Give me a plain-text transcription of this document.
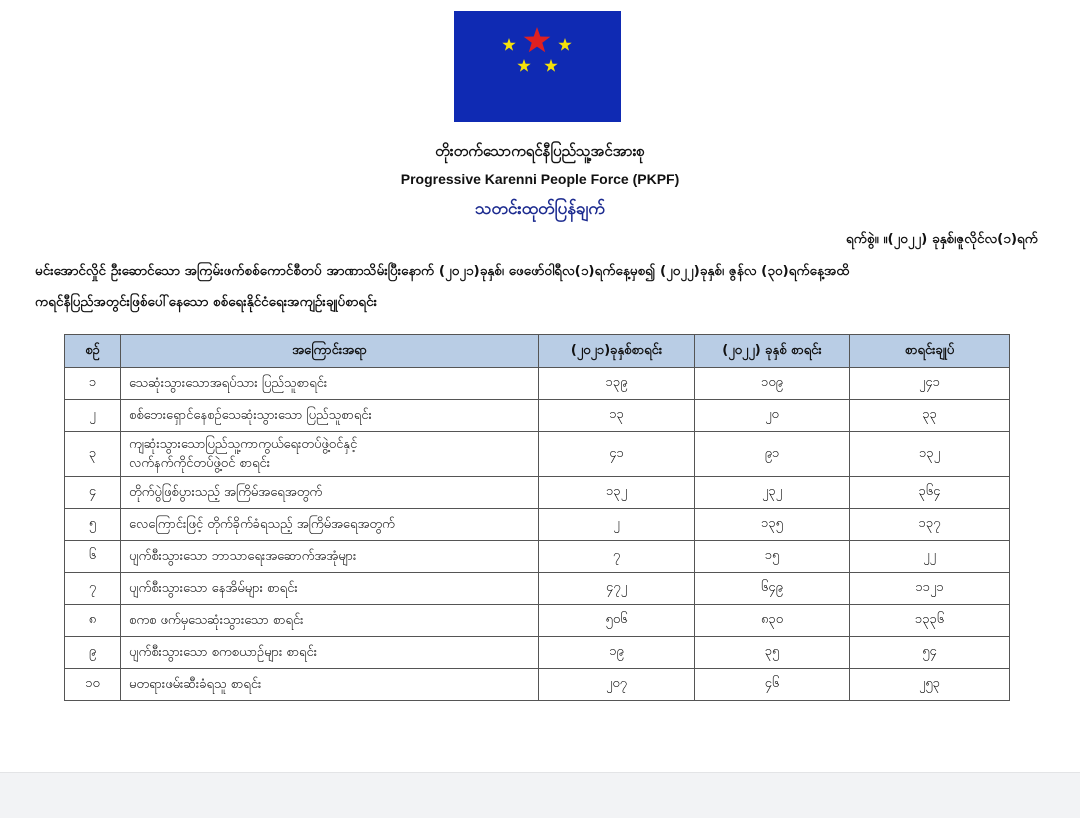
တိုးတက်သောကရင်နီပြည်သူ့အင်အားစု
Progressive Karenni People Force (PKPF)
သတင်းထုတ်ပြန်ချက်
ရက်စွဲ။ ။(၂၀၂၂) ခုနှစ်၊ဇူလိုင်လ(၁)ရက်
မင်းအောင်လှိုင် ဦးဆောင်သော အကြမ်းဖက်စစ်ကောင်စီတပ် အာဏာသိမ်းပြီးနောက် (၂၀၂၁)ခုနှစ်၊ ဖေဖော်ဝါရီလ(၁)ရက်နေ့မှစ၍ (၂၀၂၂)ခုနှစ်၊ ဇွန်လ (၃၀)ရက်နေ့အထိ
ကရင်နီပြည်အတွင်းဖြစ်ပေါ်နေသော စစ်ရေးနိုင်ငံရေးအကျဉ်းချုပ်စာရင်း
စဉ်	အကြောင်းအရာ	(၂၀၂၁)ခုနှစ်စာရင်း	(၂၀၂၂) ခုနှစ် စာရင်း	စာရင်းချုပ်
၁	သေဆုံးသွားသောအရပ်သား ပြည်သူစာရင်း	၁၃၉	၁၀၉	၂၄၁
၂	စစ်ဘေးရှောင်နေစဉ်သေဆုံးသွားသော ပြည်သူစာရင်း	၁၃	၂၀	၃၃
၃	ကျဆုံးသွားသောပြည်သူ့ကာကွယ်ရေးတပ်ဖွဲ့ဝင်နှင့်
လက်နက်ကိုင်တပ်ဖွဲ့ဝင် စာရင်း	၄၁	၉၁	၁၃၂
၄	တိုက်ပွဲဖြစ်ပွားသည့် အကြိမ်အရေအတွက်	၁၃၂	၂၃၂	၃၆၄
၅	လေကြောင်းဖြင့် တိုက်ခိုက်ခံရသည့် အကြိမ်အရေအတွက်	၂	၁၃၅	၁၃၇
၆	ပျက်စီးသွားသော ဘာသာရေးအဆောက်အအုံများ	၇	၁၅	၂၂
၇	ပျက်စီးသွားသော နေအိမ်များ စာရင်း	၄၇၂	၆၄၉	၁၁၂၁
၈	စကစ ဖက်မှသေဆုံးသွားသော စာရင်း	၅၀၆	၈၃၀	၁၃၃၆
၉	ပျက်စီးသွားသော စကစယာဉ်များ စာရင်း	၁၉	၃၅	၅၄
၁၀	မတရားဖမ်းဆီးခံရသူ စာရင်း	၂၀၇	၄၆	၂၅၃
